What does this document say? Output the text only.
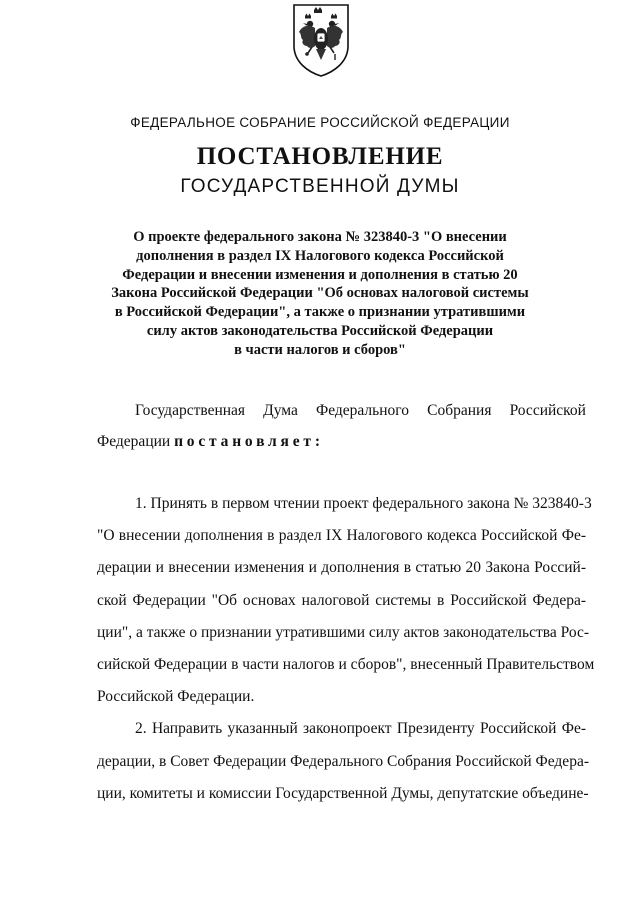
ФЕДЕРАЛЬНОЕ СОБРАНИЕ РОССИЙСКОЙ ФЕДЕРАЦИИ
ПОСТАНОВЛЕНИЕ
ГОСУДАРСТВЕННОЙ ДУМЫ
О проекте федерального закона № 323840-3 "О внесении
дополнения в раздел IX Налогового кодекса Российской
Федерации и внесении изменения и дополнения в статью 20
Закона Российской Федерации "Об основах налоговой системы
в Российской Федерации", а также о признании утратившими
силу актов законодательства Российской Федерации
в части налогов и сборов"
Государственная Дума Федерального Собрания Российской
Федерации постановляет:
1. Принять в первом чтении проект федерального закона № 323840-3
"О внесении дополнения в раздел IX Налогового кодекса Российской Фе-
дерации и внесении изменения и дополнения в статью 20 Закона Россий-
ской Федерации "Об основах налоговой системы в Российской Федера-
ции", а также о признании утратившими силу актов законодательства Рос-
сийской Федерации в части налогов и сборов", внесенный Правительством
Российской Федерации.
2. Направить указанный законопроект Президенту Российской Фе-
дерации, в Совет Федерации Федерального Собрания Российской Федера-
ции, комитеты и комиссии Государственной Думы, депутатские объедине-
